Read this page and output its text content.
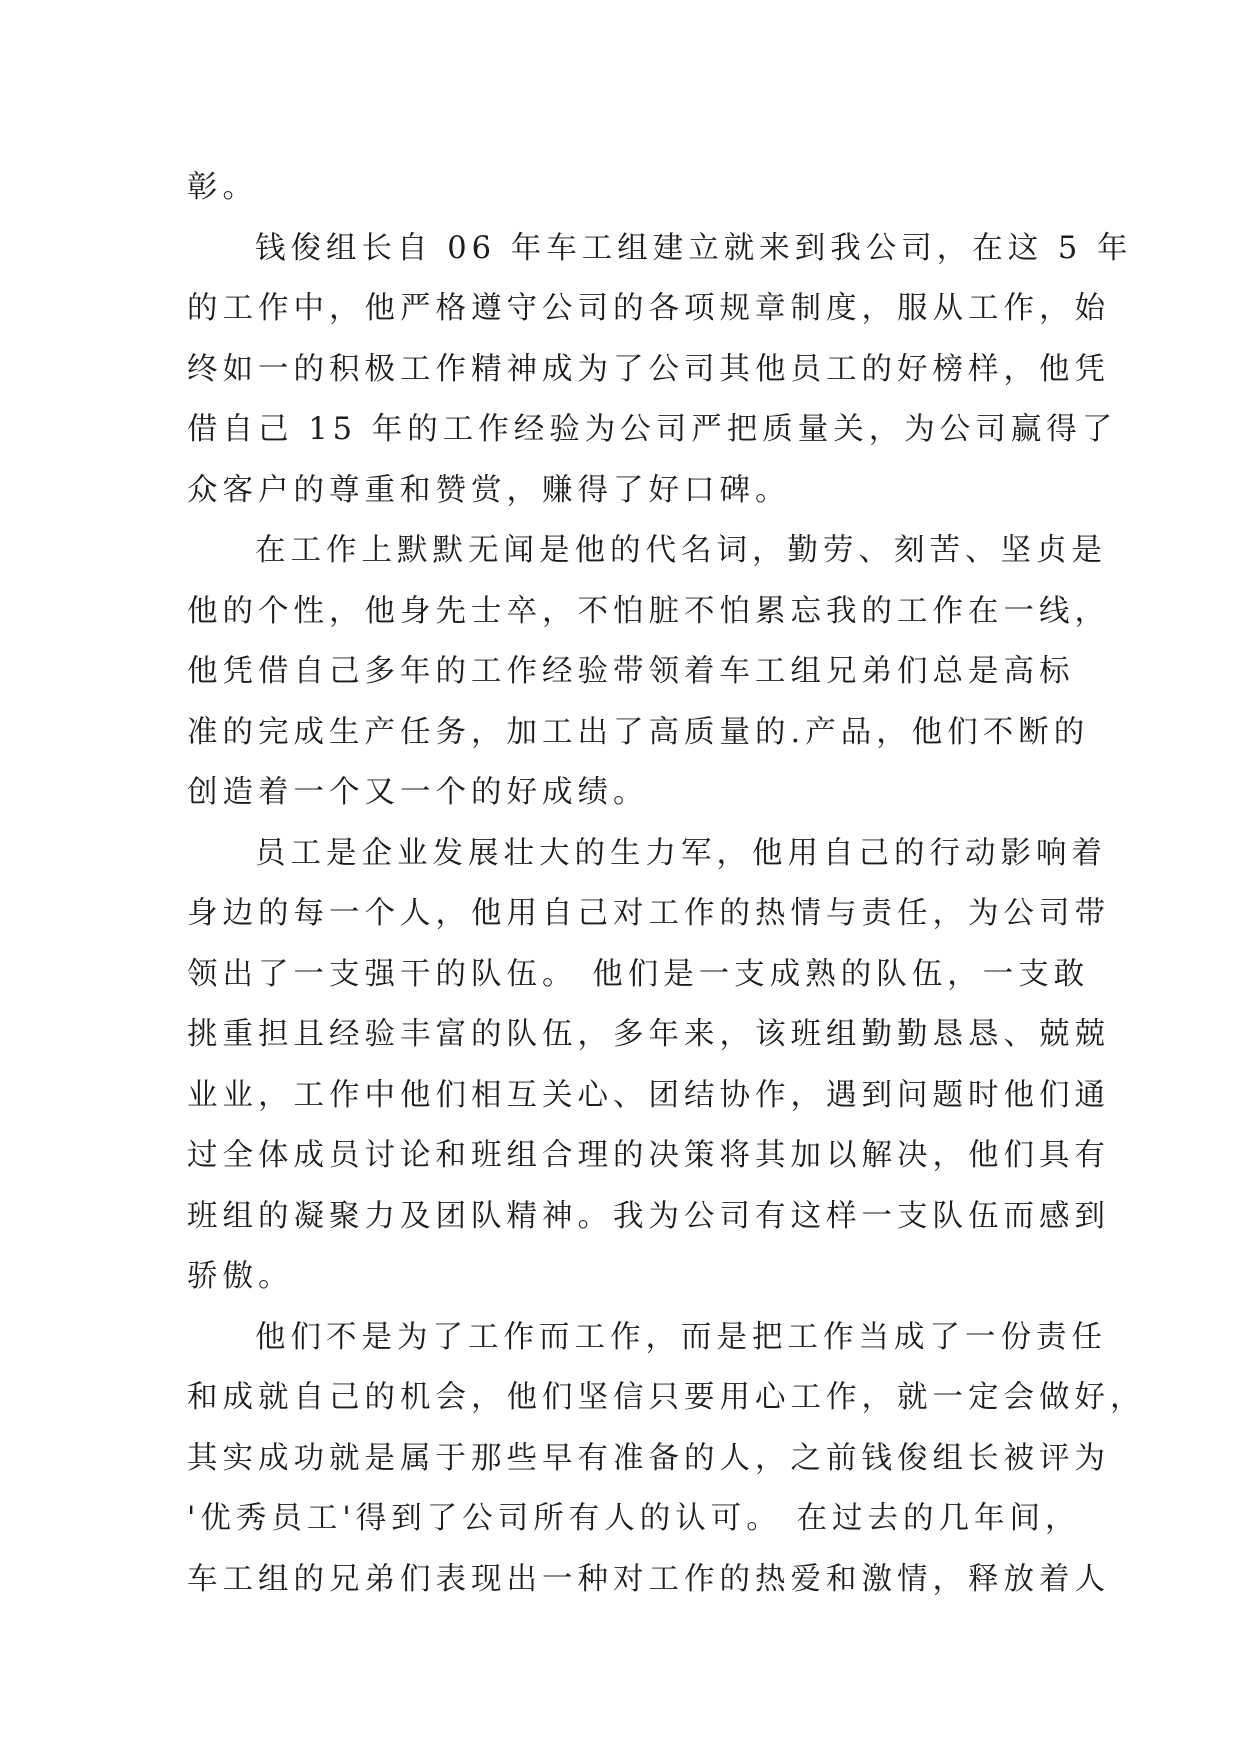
彰。
钱俊组长自 06 年车工组建立就来到我公司，在这 5 年
的工作中，他严格遵守公司的各项规章制度，服从工作，始
终如一的积极工作精神成为了公司其他员工的好榜样，他凭
借自己 15 年的工作经验为公司严把质量关，为公司赢得了
众客户的尊重和赞赏，赚得了好口碑。
在工作上默默无闻是他的代名词，勤劳、刻苦、坚贞是
他的个性，他身先士卒，不怕脏不怕累忘我的工作在一线，
他凭借自己多年的工作经验带领着车工组兄弟们总是高标
准的完成生产任务，加工出了高质量的.产品，他们不断的
创造着一个又一个的好成绩。
员工是企业发展壮大的生力军，他用自己的行动影响着
身边的每一个人，他用自己对工作的热情与责任，为公司带
领出了一支强干的队伍。 他们是一支成熟的队伍，一支敢
挑重担且经验丰富的队伍，多年来，该班组勤勤恳恳、兢兢
业业，工作中他们相互关心、团结协作，遇到问题时他们通
过全体成员讨论和班组合理的决策将其加以解决，他们具有
班组的凝聚力及团队精神。我为公司有这样一支队伍而感到
骄傲。
他们不是为了工作而工作，而是把工作当成了一份责任
和成就自己的机会，他们坚信只要用心工作，就一定会做好，
其实成功就是属于那些早有准备的人，之前钱俊组长被评为
'优秀员工'得到了公司所有人的认可。 在过去的几年间，
车工组的兄弟们表现出一种对工作的热爱和激情，释放着人
